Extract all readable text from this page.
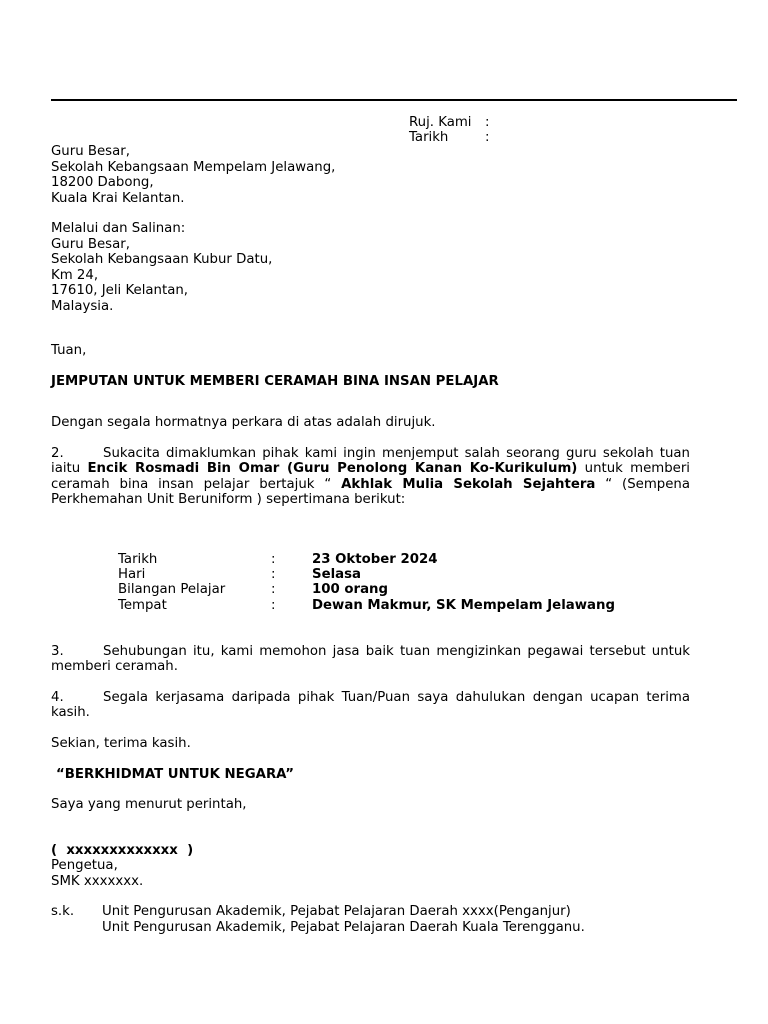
Ruj. Kami :
Tarikh	:
Guru Besar,
Sekolah Kebangsaan Mempelam Jelawang,
18200 Dabong,
Kuala Krai Kelantan.
Melalui dan Salinan:
Guru Besar,
Sekolah Kebangsaan Kubur Datu,
Km 24,
17610, Jeli Kelantan,
Malaysia.
Tuan,
JEMPUTAN UNTUK MEMBERI CERAMAH BINA INSAN PELAJAR
Dengan segala hormatnya perkara di atas adalah dirujuk.
2.	Sukacita dimaklumkan pihak kami ingin menjemput salah seorang guru sekolah tuan iaitu Encik Rosmadi Bin Omar (Guru Penolong Kanan Ko-Kurikulum) untuk memberi ceramah bina insan pelajar bertajuk “ Akhlak Mulia Sekolah Sejahtera “ (Sempena Perkhemahan Unit Beruniform ) sepertimana berikut:
Tarikh	:	23 Oktober 2024
Hari	:	Selasa
Bilangan Pelajar	:	100 orang
Tempat	:	Dewan Makmur, SK Mempelam Jelawang
3.	Sehubungan itu, kami memohon jasa baik tuan mengizinkan pegawai tersebut untuk memberi ceramah.
4.	Segala kerjasama daripada pihak Tuan/Puan saya dahulukan dengan ucapan terima kasih.
Sekian, terima kasih.
“BERKHIDMAT UNTUK NEGARA”
Saya yang menurut perintah,
(  xxxxxxxxxxxxx  )
Pengetua,
SMK xxxxxxx.
s.k.	Unit Pengurusan Akademik, Pejabat Pelajaran Daerah xxxx(Penganjur)
Unit Pengurusan Akademik, Pejabat Pelajaran Daerah Kuala Terengganu.
